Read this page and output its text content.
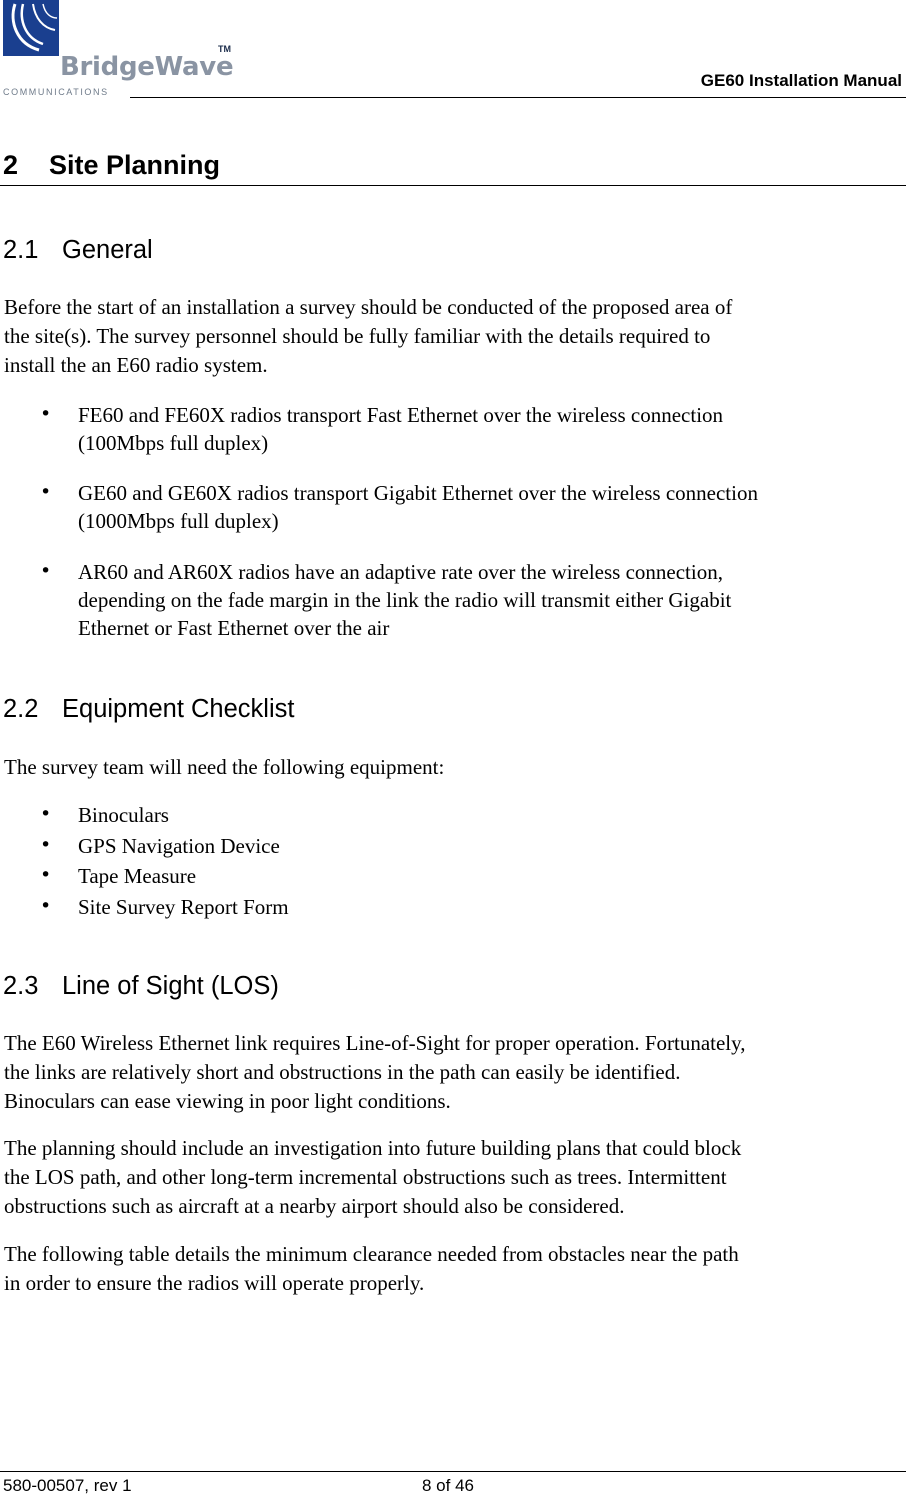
BridgeWave
TM
COMMUNICATIONS
GE60 Installation Manual
2 Site Planning
2.1 General
Before the start of an installation a survey should be conducted of the proposed area of
the site(s). The survey personnel should be fully familiar with the details required to
install the an E60 radio system.
• FE60 and FE60X radios transport Fast Ethernet over the wireless connection
(100Mbps full duplex)
• GE60 and GE60X radios transport Gigabit Ethernet over the wireless connection
(1000Mbps full duplex)
• AR60 and AR60X radios have an adaptive rate over the wireless connection,
depending on the fade margin in the link the radio will transmit either Gigabit
Ethernet or Fast Ethernet over the air
2.2 Equipment Checklist
The survey team will need the following equipment:
• Binoculars
• GPS Navigation Device
• Tape Measure
• Site Survey Report Form
2.3 Line of Sight (LOS)
The E60 Wireless Ethernet link requires Line-of-Sight for proper operation. Fortunately,
the links are relatively short and obstructions in the path can easily be identified.
Binoculars can ease viewing in poor light conditions.
The planning should include an investigation into future building plans that could block
the LOS path, and other long-term incremental obstructions such as trees. Intermittent
obstructions such as aircraft at a nearby airport should also be considered.
The following table details the minimum clearance needed from obstacles near the path
in order to ensure the radios will operate properly.
580-00507, rev 1	8 of 46
